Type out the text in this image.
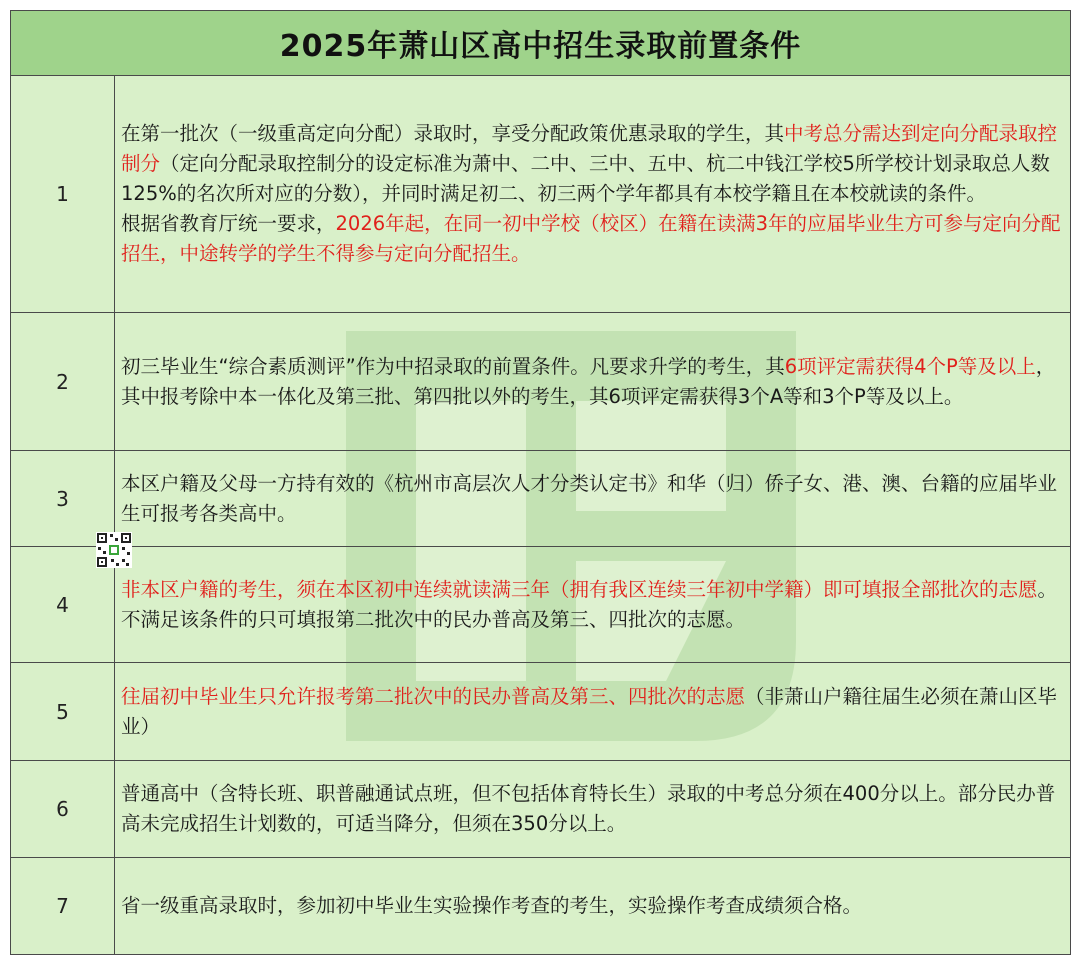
2025年萧山区高中招生录取前置条件
1
在第一批次（一级重高定向分配）录取时，享受分配政策优惠录取的学生，其中考总分需达到定向分配录取控制分（定向分配录取控制分的设定标准为萧中、二中、三中、五中、杭二中钱江学校5所学校计划录取总人数125%的名次所对应的分数），并同时满足初二、初三两个学年都具有本校学籍且在本校就读的条件。
根据省教育厅统一要求，2026年起，在同一初中学校（校区）在籍在读满3年的应届毕业生方可参与定向分配招生，中途转学的学生不得参与定向分配招生。
2
初三毕业生“综合素质测评”作为中招录取的前置条件。凡要求升学的考生，其6项评定需获得4个P等及以上，其中报考除中本一体化及第三批、第四批以外的考生，其6项评定需获得3个A等和3个P等及以上。
3
本区户籍及父母一方持有效的《杭州市高层次人才分类认定书》和华（归）侨子女、港、澳、台籍的应届毕业生可报考各类高中。
4
非本区户籍的考生，须在本区初中连续就读满三年（拥有我区连续三年初中学籍）即可填报全部批次的志愿。不满足该条件的只可填报第二批次中的民办普高及第三、四批次的志愿。
5
往届初中毕业生只允许报考第二批次中的民办普高及第三、四批次的志愿（非萧山户籍往届生必须在萧山区毕业）
6
普通高中（含特长班、职普融通试点班，但不包括体育特长生）录取的中考总分须在400分以上。部分民办普高未完成招生计划数的，可适当降分，但须在350分以上。
7	省一级重高录取时，参加初中毕业生实验操作考查的考生，实验操作考查成绩须合格。
